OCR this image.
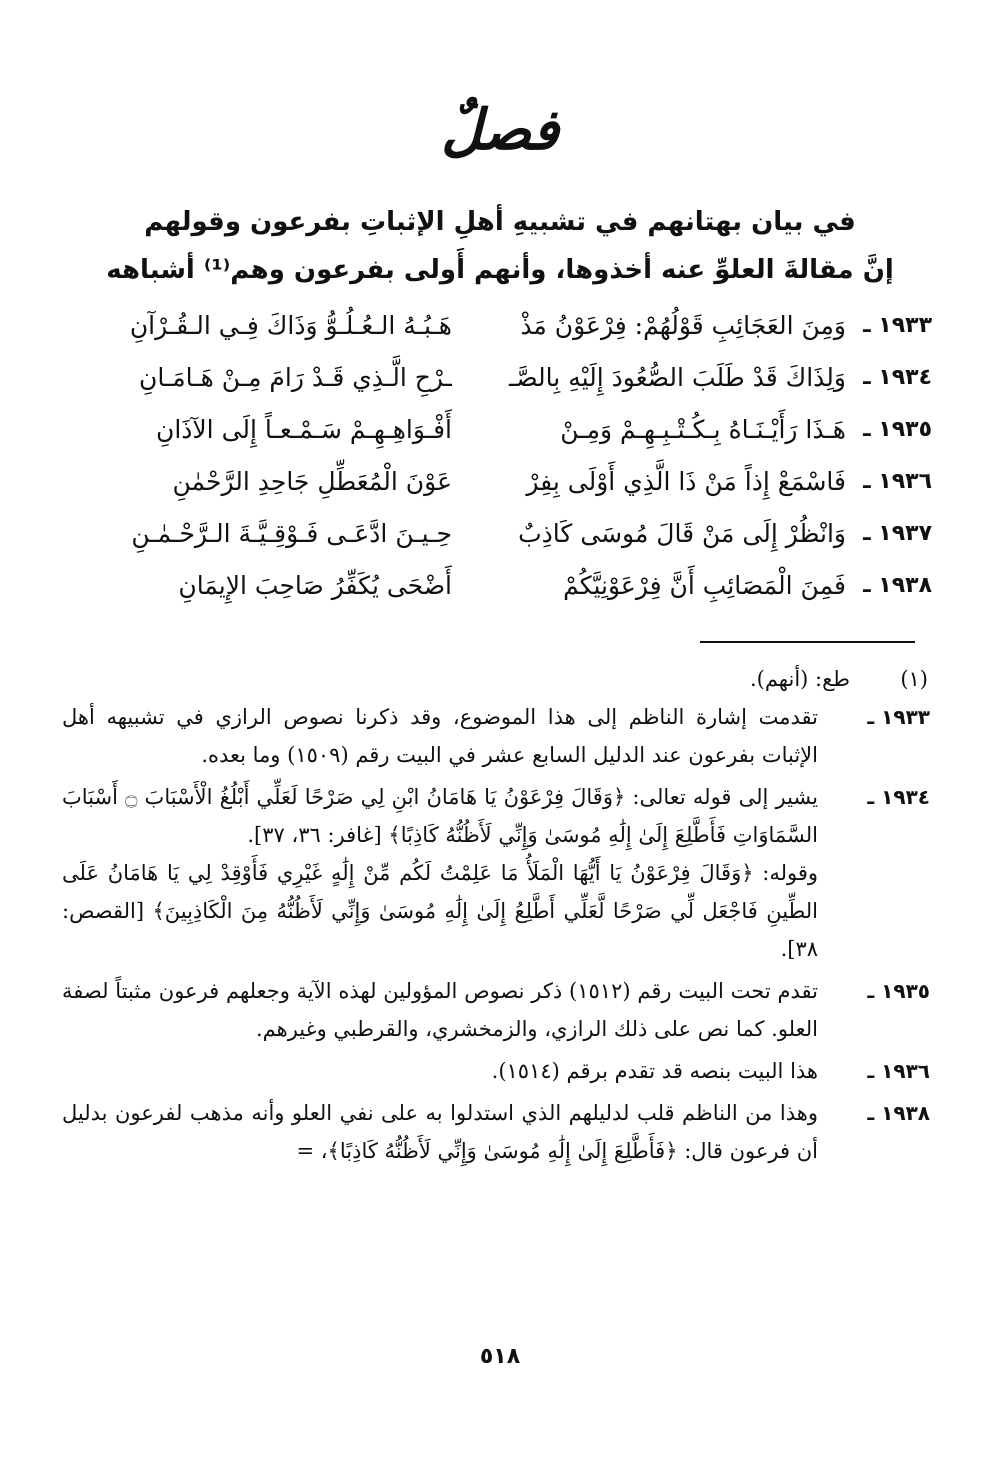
فصلٌ

في بيان بهتانهم في تشبيهِ أهلِ الإثباتِ بفرعون وقولهم

إنَّ مقالةَ العلوِّ عنه أخذوها، وأنهم أَولى بفرعون وهم⁽¹⁾ أشباهه

١٩٣٣ ـ
وَمِنَ العَجَائِبِ قَوْلُهُمْ: فِرْعَوْنُ مَذْ
هَـبُـهُ الـعُـلُـوُّ وَذَاكَ فِـي الـقُـرْآنِ
١٩٣٤ ـ
وَلِذَاكَ قَدْ طَلَبَ الصُّعُودَ إِلَيْهِ بِالصَّـ
ـرْحِ الَّـذِي قَـدْ رَامَ مِـنْ هَـامَـانِ
١٩٣٥ ـ
هَـذَا رَأَيْـنَـاهُ بِـكُـتْـبِـهِـمْ وَمِـنْ
أَفْـوَاهِـهِـمْ سَـمْـعـاً إِلَى الآذَانِ
١٩٣٦ ـ
فَاسْمَعْ إِذاً مَنْ ذَا الَّذِي أَوْلَى بِفِرْ
عَوْنَ الْمُعَطِّلِ جَاحِدِ الرَّحْمٰنِ
١٩٣٧ ـ
وَانْظُرْ إِلَى مَنْ قَالَ مُوسَى كَاذِبٌ
حِـيـنَ ادَّعَـى فَـوْقِـيَّـةَ الـرَّحْـمٰـنِ
١٩٣٨ ـ
فَمِنَ الْمَصَائِبِ أَنَّ فِرْعَوْنِيَّكُمْ
أَضْحَى يُكَفِّرُ صَاحِبَ الإِيمَانِ
(١)
طع: (أنهم).
١٩٣٣ ـ
تقدمت إشارة الناظم إلى هذا الموضوع، وقد ذكرنا نصوص الرازي في تشبيهه أهل الإثبات بفرعون عند الدليل السابع عشر في البيت رقم (١٥٠٩) وما بعده.
١٩٣٤ ـ
يشير إلى قوله تعالى: ﴿وَقَالَ فِرْعَوْنُ يَا هَامَانُ ابْنِ لِي صَرْحًا لَعَلِّي أَبْلُغُ الْأَسْبَابَ ۝ أَسْبَابَ السَّمَاوَاتِ فَأَطَّلِعَ إِلَىٰ إِلَٰهِ مُوسَىٰ وَإِنِّي لَأَظُنُّهُ كَاذِبًا﴾ [غافر: ٣٦، ٣٧].
وقوله: ﴿وَقَالَ فِرْعَوْنُ يَا أَيُّهَا الْمَلَأُ مَا عَلِمْتُ لَكُم مِّنْ إِلَٰهٍ غَيْرِي فَأَوْقِدْ لِي يَا هَامَانُ عَلَى الطِّينِ فَاجْعَل لِّي صَرْحًا لَّعَلِّي أَطَّلِعُ إِلَىٰ إِلَٰهِ مُوسَىٰ وَإِنِّي لَأَظُنُّهُ مِنَ الْكَاذِبِينَ﴾ [القصص: ٣٨].
١٩٣٥ ـ
تقدم تحت البيت رقم (١٥١٢) ذكر نصوص المؤولين لهذه الآية وجعلهم فرعون مثبتاً لصفة العلو. كما نص على ذلك الرازي، والزمخشري، والقرطبي وغيرهم.
١٩٣٦ ـ
هذا البيت بنصه قد تقدم برقم (١٥١٤).
١٩٣٨ ـ
وهذا من الناظم قلب لدليلهم الذي استدلوا به على نفي العلو وأنه مذهب لفرعون بدليل أن فرعون قال: ﴿فَأَطَّلِعَ إِلَىٰ إِلَٰهِ مُوسَىٰ وَإِنِّي لَأَظُنُّهُ كَاذِبًا﴾، =
٥١٨
